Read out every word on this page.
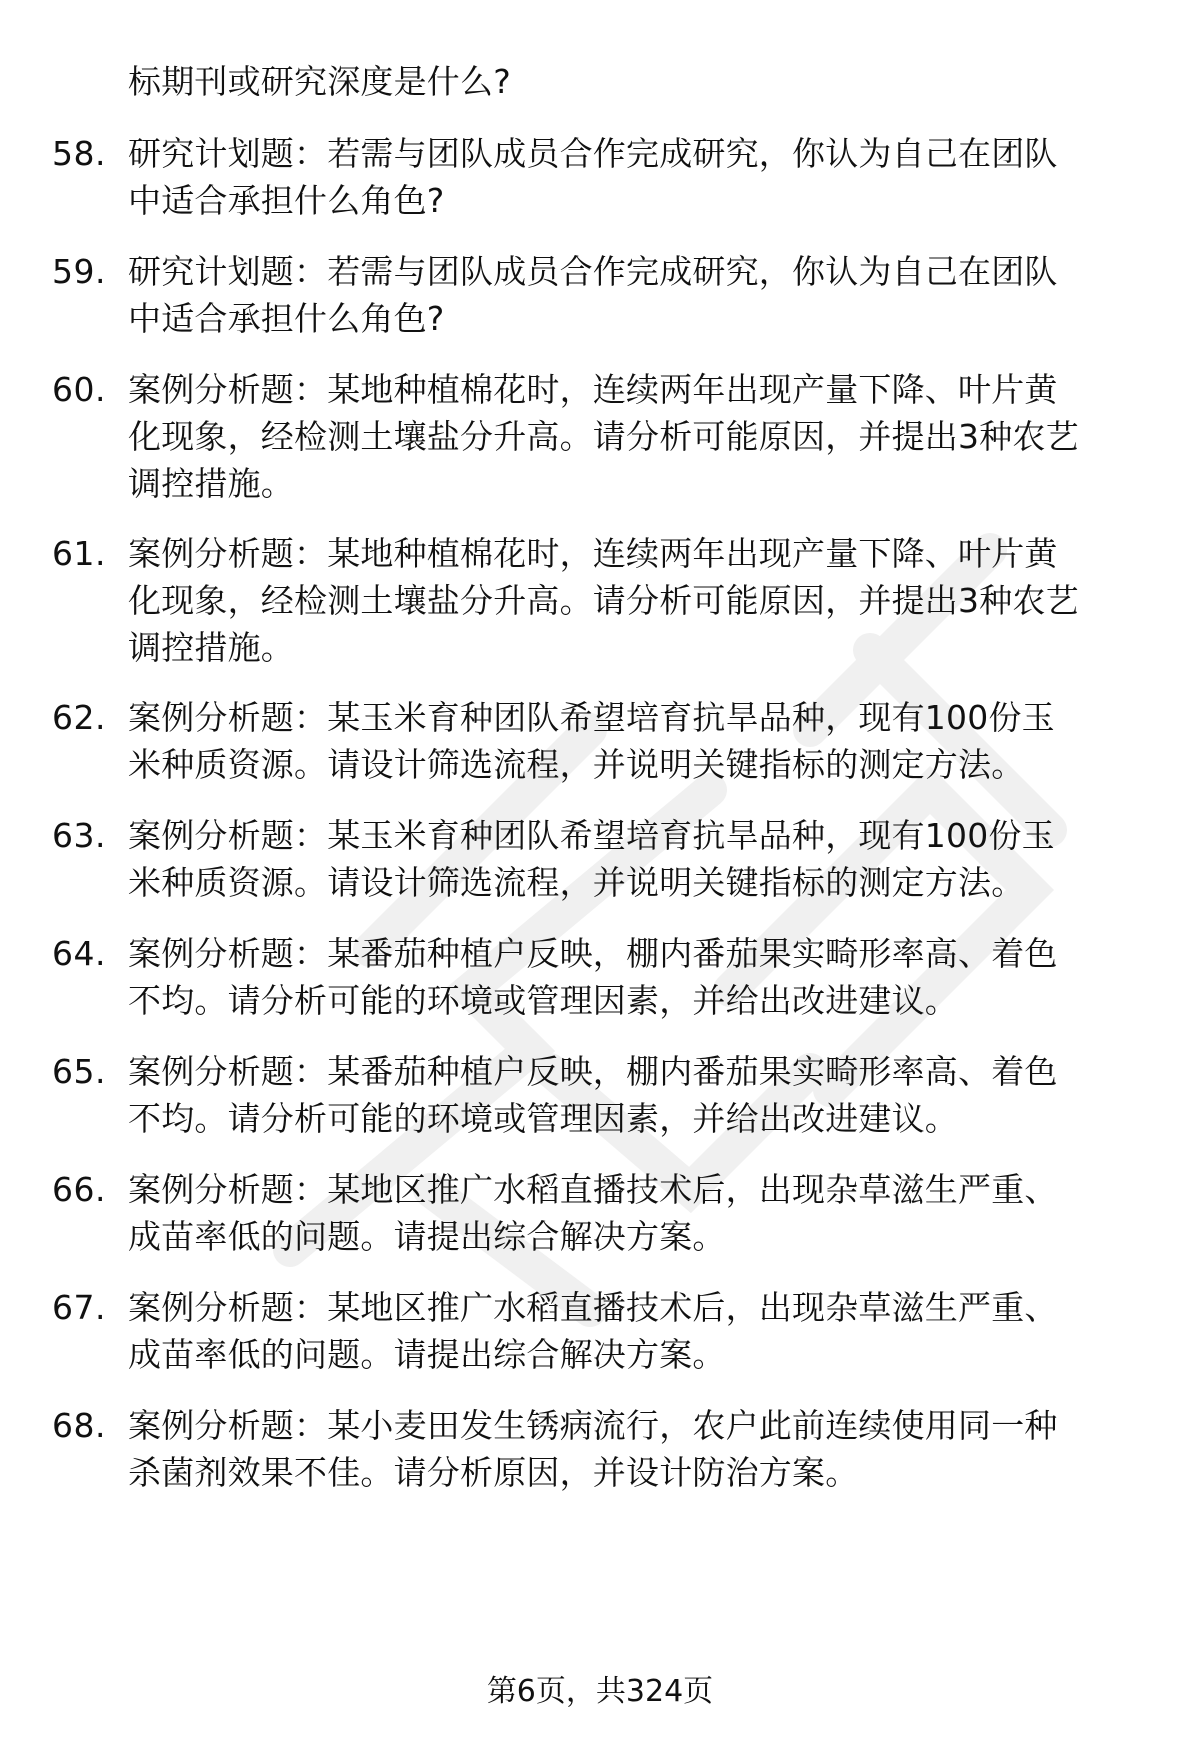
标期刊或研究深度是什么?
58. 研究计划题：若需与团队成员合作完成研究，你认为自己在团队
中适合承担什么角色?
59. 研究计划题：若需与团队成员合作完成研究，你认为自己在团队
中适合承担什么角色?
60. 案例分析题：某地种植棉花时，连续两年出现产量下降、叶片黄
化现象，经检测土壤盐分升高。请分析可能原因，并提出3种农艺
调控措施。
61. 案例分析题：某地种植棉花时，连续两年出现产量下降、叶片黄
化现象，经检测土壤盐分升高。请分析可能原因，并提出3种农艺
调控措施。
62. 案例分析题：某玉米育种团队希望培育抗旱品种，现有100份玉
米种质资源。请设计筛选流程，并说明关键指标的测定方法。
63. 案例分析题：某玉米育种团队希望培育抗旱品种，现有100份玉
米种质资源。请设计筛选流程，并说明关键指标的测定方法。
64. 案例分析题：某番茄种植户反映，棚内番茄果实畸形率高、着色
不均。请分析可能的环境或管理因素，并给出改进建议。
65. 案例分析题：某番茄种植户反映，棚内番茄果实畸形率高、着色
不均。请分析可能的环境或管理因素，并给出改进建议。
66. 案例分析题：某地区推广水稻直播技术后，出现杂草滋生严重、
成苗率低的问题。请提出综合解决方案。
67. 案例分析题：某地区推广水稻直播技术后，出现杂草滋生严重、
成苗率低的问题。请提出综合解决方案。
68. 案例分析题：某小麦田发生锈病流行，农户此前连续使用同一种
杀菌剂效果不佳。请分析原因，并设计防治方案。
第6页，共324页
